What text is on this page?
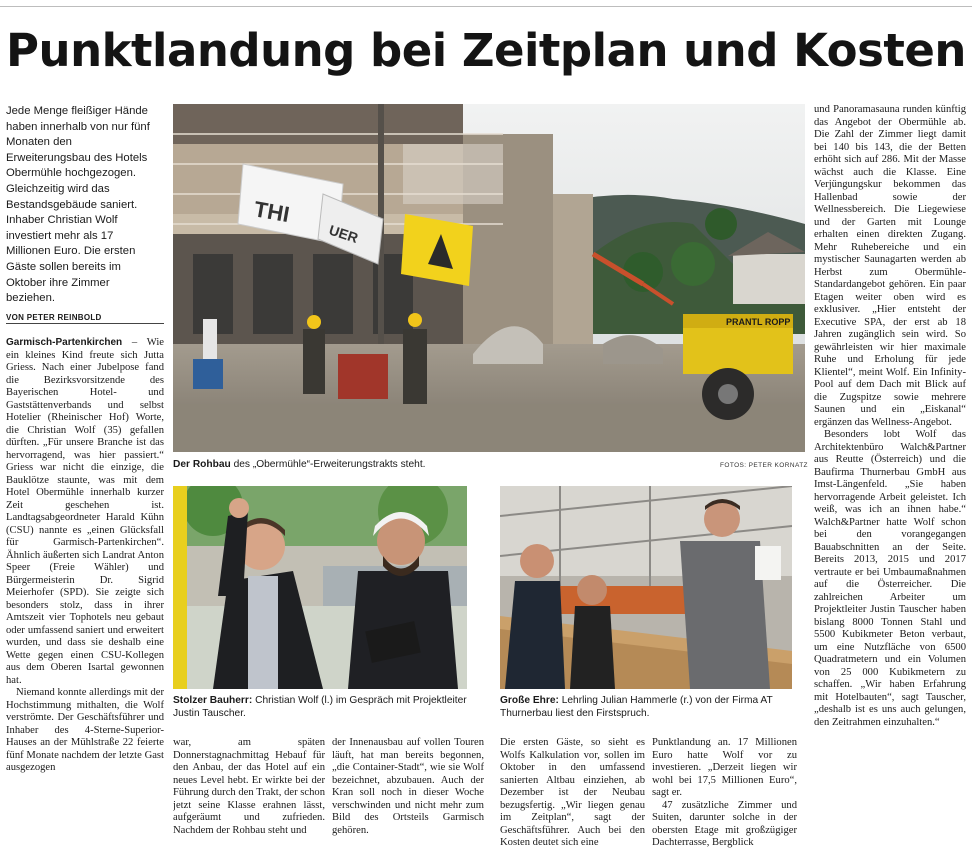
Punktlandung bei Zeitplan und Kosten
Jede Menge fleißiger Hände haben innerhalb von nur fünf Monaten den Erweiterungsbau des Hotels Obermühle hochgezogen. Gleichzeitig wird das Bestandsgebäude saniert. Inhaber Christian Wolf investiert mehr als 17 Millionen Euro. Die ersten Gäste sollen bereits im Oktober ihre Zimmer beziehen.
VON PETER REINBOLD

Garmisch-Partenkirchen – Wie ein kleines Kind freute sich Jutta Griess. Nach einer Jubelpose fand die Bezirksvorsitzende des Bayerischen Hotel- und Gaststättenverbands und selbst Hotelier (Rheinischer Hof) Worte, die Christian Wolf (35) gefallen dürften. „Für unsere Branche ist das hervorragend, was hier passiert.“ Griess war nicht die einzige, die Bauklötze staunte, was mit dem Hotel Obermühle innerhalb kurzer Zeit geschehen ist. Landtagsabgeordneter Harald Kühn (CSU) nannte es „einen Glücksfall für Garmisch-Partenkirchen“. Ähnlich äußerten sich Landrat Anton Speer (Freie Wähler) und Bürgermeisterin Dr. Sigrid Meierhofer (SPD). Sie zeigte sich besonders stolz, dass in ihrer Amtszeit vier Tophotels neu gebaut oder umfassend saniert und erweitert wurden, und dass sie deshalb eine Wette gegen einen CSU-Kollegen aus dem Oberen Isartal gewonnen hat.

Niemand konnte allerdings mit der Hochstimmung mithalten, die Wolf verströmte. Der Geschäftsführer und Inhaber des 4-Sterne-Superior-Hauses an der Mühlstraße 22 feierte fünf Monate nachdem der letzte Gast ausgezogen

war, am späten Donnerstagnachmittag Hebauf für den Anbau, der das Hotel auf ein neues Level hebt. Er wirkte bei der Führung durch den Trakt, der schon jetzt seine Klasse erahnen lässt, aufgeräumt und zufrieden. Nachdem der Rohbau steht und

der Innenausbau auf vollen Touren läuft, hat man bereits begonnen, „die Container-Stadt“, wie sie Wolf bezeichnet, abzubauen. Auch der Kran soll noch in dieser Woche verschwinden und nicht mehr zum Bild des Ortsteils Garmisch gehören.

Die ersten Gäste, so sieht es Wolfs Kalkulation vor, sollen im Oktober in den umfassend sanierten Altbau einziehen, ab Dezember ist der Neubau bezugsfertig. „Wir liegen genau im Zeitplan“, sagt der Geschäftsführer. Auch bei den Kosten deutet sich eine

Punktlandung an. 17 Millionen Euro hatte Wolf vor zu investieren. „Derzeit liegen wir wohl bei 17,5 Millionen Euro“, sagt er.

47 zusätzliche Zimmer und Suiten, darunter solche in der obersten Etage mit großzügiger Dachterrasse, Bergblick

und Panoramasauna runden künftig das Angebot der Obermühle ab. Die Zahl der Zimmer liegt damit bei 140 bis 143, die der Betten erhöht sich auf 286. Mit der Masse wächst auch die Klasse. Eine Verjüngungskur bekommen das Hallenbad sowie der Wellnessbereich. Die Liegewiese und der Garten mit Lounge erhalten einen direkten Zugang. Mehr Ruhebereiche und ein mystischer Saunagarten werden ab Herbst zum Obermühle-Standardangebot gehören. Ein paar Etagen weiter oben wird es exklusiver. „Hier entsteht der Executive SPA, der erst ab 18 Jahren zugänglich sein wird. So gewährleisten wir hier maximale Ruhe und Erholung für jede Klientel“, meint Wolf. Ein Infinity-Pool auf dem Dach mit Blick auf die Zugspitze sowie mehrere Saunen und ein „Eiskanal“ ergänzen das Wellness-Angebot.

Besonders lobt Wolf das Architektenbüro Walch&Partner aus Reutte (Österreich) und die Baufirma Thurnerbau GmbH aus Imst-Längenfeld. „Sie haben hervorragende Arbeit geleistet. Ich weiß, was ich an ihnen habe.“ Walch&Partner hatte Wolf schon bei den vorangegangen Bauabschnitten an der Seite. Bereits 2013, 2015 und 2017 vertraute er bei Umbaumaßnahmen auf die Österreicher. Die zahlreichen Arbeiter um Projektleiter Justin Tauscher haben bislang 8000 Tonnen Stahl und 5500 Kubikmeter Beton verbaut, um eine Nutzfläche von 6500 Quadratmetern und ein Volumen von 25 000 Kubikmetern zu schaffen. „Wir haben Erfahrung mit Hotelbauten“, sagt Tauscher, „deshalb ist es uns auch gelungen, den Zeitrahmen einzuhalten.“

THI
UER
PRANTL ROPP
Der Rohbau des „Obermühle“-Erweiterungstrakts steht.	FOTOS: PETER KORNATZ
Stolzer Bauherr: Christian Wolf (l.) im Gespräch mit Projektleiter Justin Tauscher.
Große Ehre: Lehrling Julian Hammerle (r.) von der Firma AT Thurnerbau liest den Firstspruch.
